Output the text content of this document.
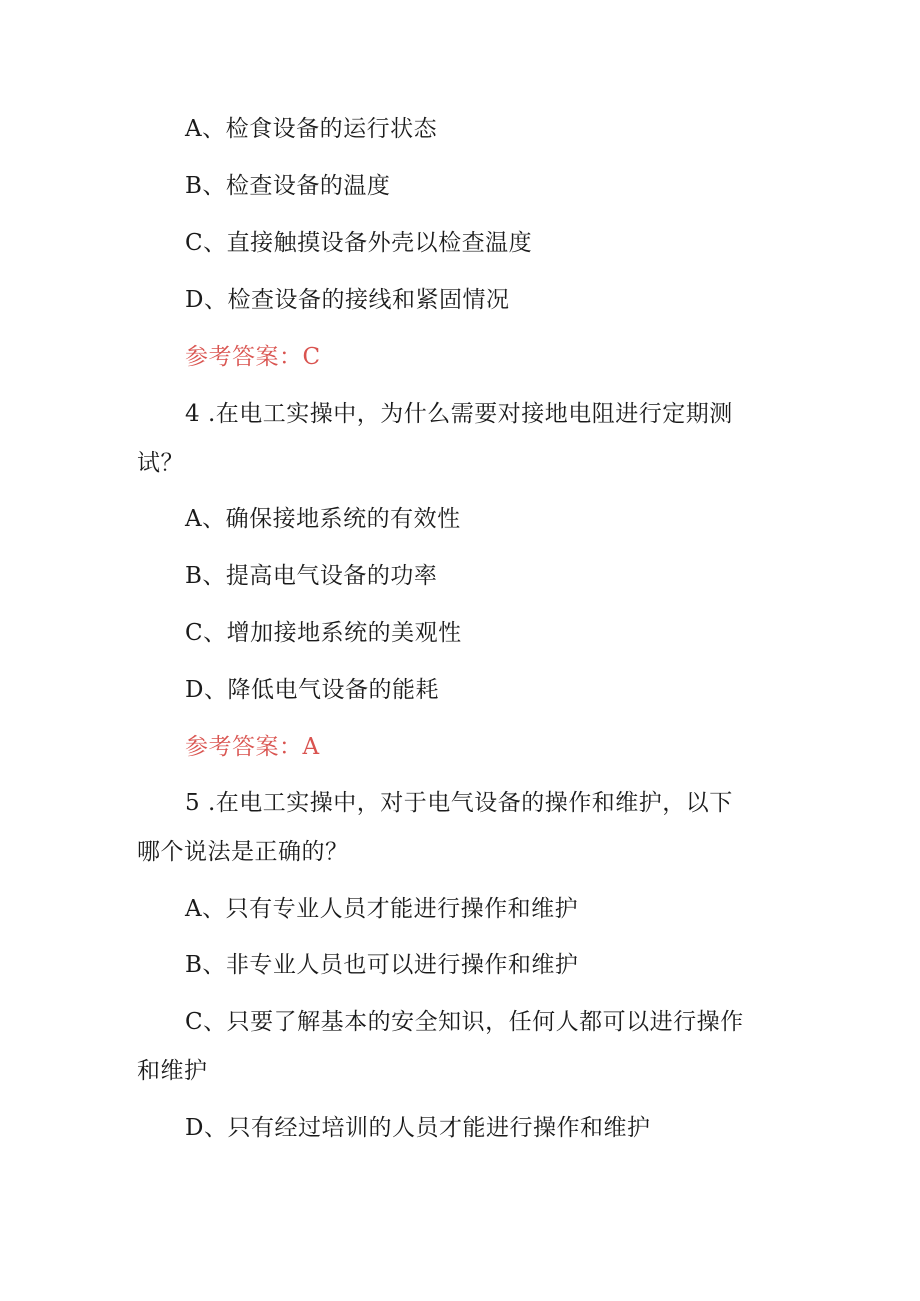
A、检食设备的运行状态
B、检查设备的温度
C、直接触摸设备外壳以检查温度
D、检查设备的接线和紧固情况
参考答案：C
4 .在电工实操中，为什么需要对接地电阻进行定期测
试？
A、确保接地系统的有效性
B、提高电气设备的功率
C、增加接地系统的美观性
D、降低电气设备的能耗
参考答案：A
5 .在电工实操中，对于电气设备的操作和维护，以下
哪个说法是正确的？
A、只有专业人员才能进行操作和维护
B、非专业人员也可以进行操作和维护
C、只要了解基本的安全知识，任何人都可以进行操作
和维护
D、只有经过培训的人员才能进行操作和维护
